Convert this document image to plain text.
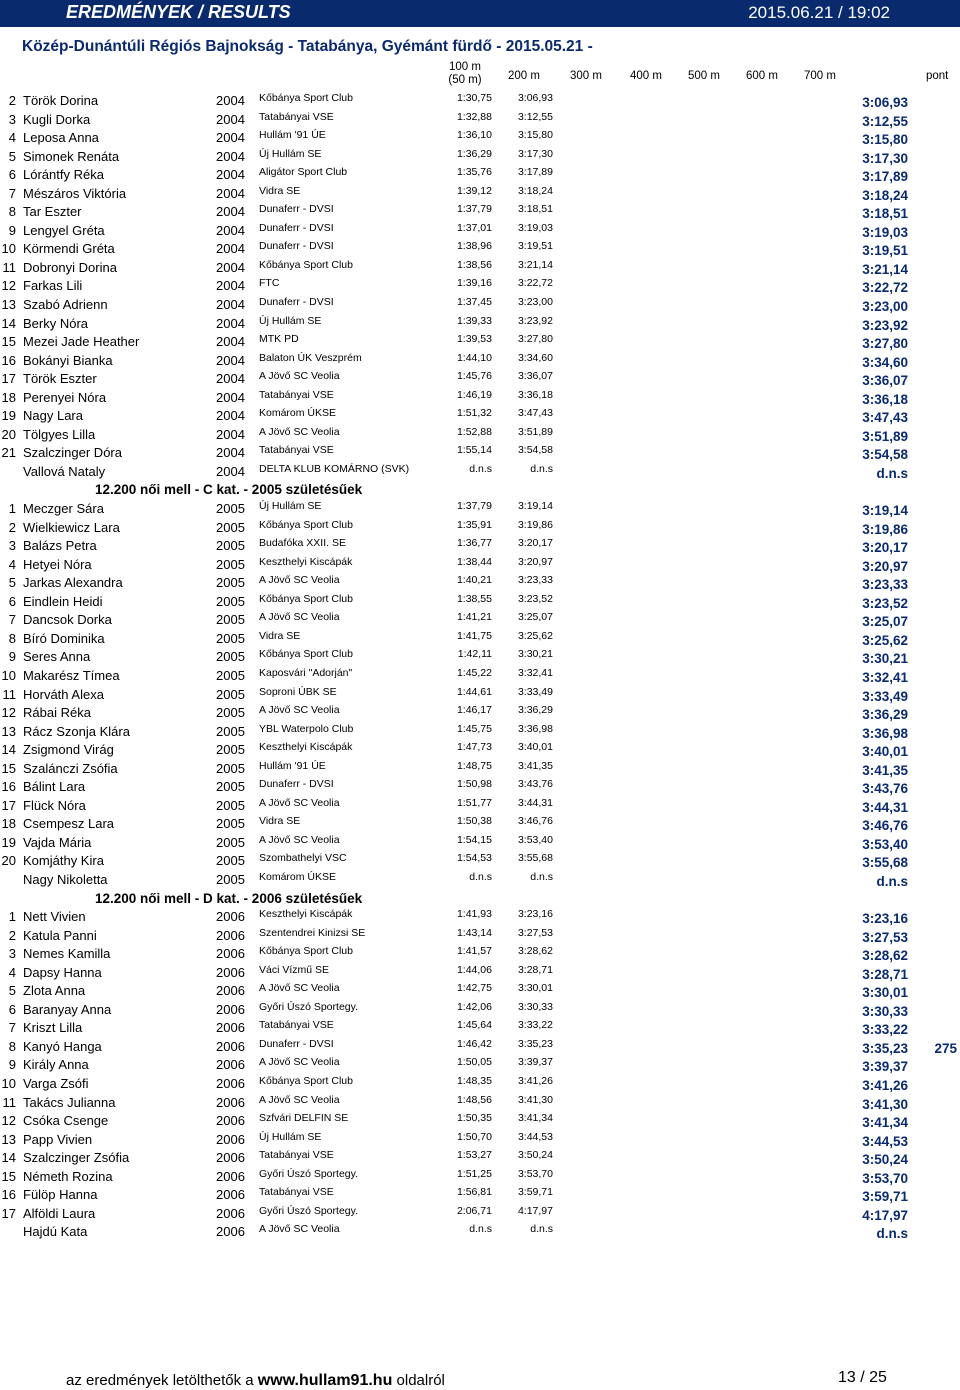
EREDMÉNYEK / RESULTS	2015.06.21 / 19:02
Közép-Dunántúli Régiós Bajnokság - Tatabánya, Gyémánt fürdő - 2015.05.21 -
100 m
(50 m)	200 m	300 m 400 m 500 m 600 m 700 m	pont
2 Török Dorina	2004 Kőbánya Sport Club	1:30,75	3:06,93	3:06,93
3 Kugli Dorka	2004 Tatabányai VSE	1:32,88	3:12,55	3:12,55
4 Leposa Anna	2004 Hullám '91 ÚE	1:36,10	3:15,80	3:15,80
5 Simonek Renáta	2004 Új Hullám SE	1:36,29	3:17,30	3:17,30
6 Lórántfy Réka	2004 Aligátor Sport Club	1:35,76	3:17,89	3:17,89
7 Mészáros Viktória	2004 Vidra SE	1:39,12	3:18,24	3:18,24
8 Tar Eszter	2004 Dunaferr - DVSI	1:37,79	3:18,51	3:18,51
9 Lengyel Gréta	2004 Dunaferr - DVSI	1:37,01	3:19,03	3:19,03
10 Körmendi Gréta	2004 Dunaferr - DVSI	1:38,96	3:19,51	3:19,51
11 Dobronyi Dorina	2004 Kőbánya Sport Club	1:38,56	3:21,14	3:21,14
12 Farkas Lili	2004 FTC	1:39,16	3:22,72	3:22,72
13 Szabó Adrienn	2004 Dunaferr - DVSI	1:37,45	3:23,00	3:23,00
14 Berky Nóra	2004 Új Hullám SE	1:39,33	3:23,92	3:23,92
15 Mezei Jade Heather	2004 MTK PD	1:39,53	3:27,80	3:27,80
16 Bokányi Bianka	2004 Balaton ÚK Veszprém	1:44,10	3:34,60	3:34,60
17 Török Eszter	2004 A Jövő SC Veolia	1:45,76	3:36,07	3:36,07
18 Perenyei Nóra	2004 Tatabányai VSE	1:46,19	3:36,18	3:36,18
19 Nagy Lara	2004 Komárom ÚKSE	1:51,32	3:47,43	3:47,43
20 Tölgyes Lilla	2004 A Jövő SC Veolia	1:52,88	3:51,89	3:51,89
21 Szalczinger Dóra	2004 Tatabányai VSE	1:55,14	3:54,58	3:54,58
Vallová Nataly	2004 DELTA KLUB KOMÁRNO (SVK)	d.n.s	d.n.s	d.n.s
12.200 női mell - C kat. - 2005 születésűek
1 Meczger Sára	2005 Új Hullám SE	1:37,79	3:19,14	3:19,14
2 Wielkiewicz Lara	2005 Kőbánya Sport Club	1:35,91	3:19,86	3:19,86
3 Balázs Petra	2005 Budafóka XXII. SE	1:36,77	3:20,17	3:20,17
4 Hetyei Nóra	2005 Keszthelyi Kiscápák	1:38,44	3:20,97	3:20,97
5 Jarkas Alexandra	2005 A Jövő SC Veolia	1:40,21	3:23,33	3:23,33
6 Eindlein Heidi	2005 Kőbánya Sport Club	1:38,55	3:23,52	3:23,52
7 Dancsok Dorka	2005 A Jövő SC Veolia	1:41,21	3:25,07	3:25,07
8 Bíró Dominika	2005 Vidra SE	1:41,75	3:25,62	3:25,62
9 Seres Anna	2005 Kőbánya Sport Club	1:42,11	3:30,21	3:30,21
10 Makarész Tímea	2005 Kaposvári "Adorján"	1:45,22	3:32,41	3:32,41
11 Horváth Alexa	2005 Soproni ÚBK SE	1:44,61	3:33,49	3:33,49
12 Rábai Réka	2005 A Jövő SC Veolia	1:46,17	3:36,29	3:36,29
13 Rácz Szonja Klára	2005 YBL Waterpolo Club	1:45,75	3:36,98	3:36,98
14 Zsigmond Virág	2005 Keszthelyi Kiscápák	1:47,73	3:40,01	3:40,01
15 Szalánczi Zsófia	2005 Hullám '91 ÚE	1:48,75	3:41,35	3:41,35
16 Bálint Lara	2005 Dunaferr - DVSI	1:50,98	3:43,76	3:43,76
17 Flück Nóra	2005 A Jövő SC Veolia	1:51,77	3:44,31	3:44,31
18 Csempesz Lara	2005 Vidra SE	1:50,38	3:46,76	3:46,76
19 Vajda Mária	2005 A Jövő SC Veolia	1:54,15	3:53,40	3:53,40
20 Komjáthy Kira	2005 Szombathelyi VSC	1:54,53	3:55,68	3:55,68
Nagy Nikoletta	2005 Komárom ÚKSE	d.n.s	d.n.s	d.n.s
12.200 női mell - D kat. - 2006 születésűek
1 Nett Vivien	2006 Keszthelyi Kiscápák	1:41,93	3:23,16	3:23,16
2 Katula Panni	2006 Szentendrei Kinizsi SE	1:43,14	3:27,53	3:27,53
3 Nemes Kamilla	2006 Kőbánya Sport Club	1:41,57	3:28,62	3:28,62
4 Dapsy Hanna	2006 Váci Vízmű SE	1:44,06	3:28,71	3:28,71
5 Zlota Anna	2006 A Jövő SC Veolia	1:42,75	3:30,01	3:30,01
6 Baranyay Anna	2006 Győri Úszó Sportegy.	1:42,06	3:30,33	3:30,33
7 Kriszt Lilla	2006 Tatabányai VSE	1:45,64	3:33,22	3:33,22
8 Kanyó Hanga	2006 Dunaferr - DVSI	1:46,42	3:35,23	3:35,23	275
9 Király Anna	2006 A Jövő SC Veolia	1:50,05	3:39,37	3:39,37
10 Varga Zsófi	2006 Kőbánya Sport Club	1:48,35	3:41,26	3:41,26
11 Takács Julianna	2006 A Jövő SC Veolia	1:48,56	3:41,30	3:41,30
12 Csóka Csenge	2006 Szfvári DELFIN SE	1:50,35	3:41,34	3:41,34
13 Papp Vivien	2006 Új Hullám SE	1:50,70	3:44,53	3:44,53
14 Szalczinger Zsófia	2006 Tatabányai VSE	1:53,27	3:50,24	3:50,24
15 Németh Rozina	2006 Győri Úszó Sportegy.	1:51,25	3:53,70	3:53,70
16 Fülöp Hanna	2006 Tatabányai VSE	1:56,81	3:59,71	3:59,71
17 Alföldi Laura	2006 Győri Úszó Sportegy.	2:06,71	4:17,97	4:17,97
Hajdú Kata	2006 A Jövő SC Veolia	d.n.s	d.n.s	d.n.s
az eredmények letölthetők a www.hullam91.hu oldalról	13 / 25
